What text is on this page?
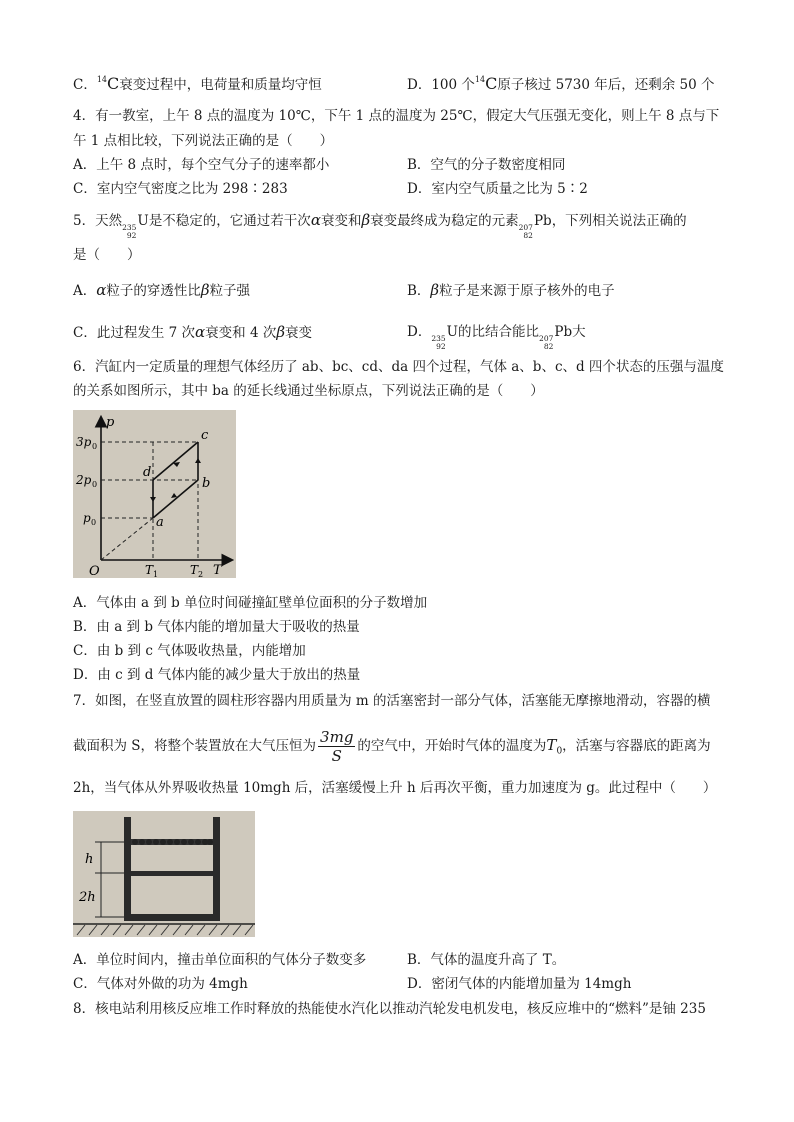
C．$^{14}$C衰变过程中，电荷量和质量均守恒	D．100 个$^{14}$C原子核过 5730 年后，还剩余 50 个
4．有一教室，上午 8 点的温度为 10℃，下午 1 点的温度为 25℃，假定大气压强无变化，则上午 8 点与下
午 1 点相比较，下列说法正确的是（　　）
A．上午 8 点时，每个空气分子的速率都小	B．空气的分子数密度相同
C．室内空气密度之比为 298∶283	D．室内空气质量之比为 5∶2
5．天然 235
92
U是不稳定的，它通过若干次α衰变和β衰变最终成为稳定的元素 207
82
Pb，下列相关说法正确的
是（　　）
A．α粒子的穿透性比β粒子强	B．β粒子是来源于原子核外的电子
C．此过程发生 7 次α衰变和 4 次β衰变	D． 235
92
U的比结合能比 207
82
Pb大
6．汽缸内一定质量的理想气体经历了 ab、bc、cd、da 四个过程，气体 a、b、c、d 四个状态的压强与温度
的关系如图所示，其中 ba 的延长线通过坐标原点，下列说法正确的是（　　）
p
T
O
3p 0
2p 0
p 0
T 1	T 2
a
b
c
d
A．气体由 a 到 b 单位时间碰撞缸壁单位面积的分子数增加
B．由 a 到 b 气体内能的增加量大于吸收的热量
C．由 b 到 c 气体吸收热量，内能增加
D．由 c 到 d 气体内能的减少量大于放出的热量
7．如图，在竖直放置的圆柱形容器内用质量为 m 的活塞密封一部分气体，活塞能无摩擦地滑动，容器的横
截面积为 S，将整个装置放在大气压恒为 $\frac{3mg}{S}$ 的空气中，开始时气体的温度为$T_0$，活塞与容器底的距离为
2h，当气体从外界吸收热量 10mgh 后，活塞缓慢上升 h 后再次平衡，重力加速度为 g。此过程中（　　）
h
2h
A．单位时间内，撞击单位面积的气体分子数变多	B．气体的温度升高了 T。
C．气体对外做的功为 4mgh	D．密闭气体的内能增加量为 14mgh
8．核电站利用核反应堆工作时释放的热能使水汽化以推动汽轮发电机发电，核反应堆中的“燃料”是铀 235
